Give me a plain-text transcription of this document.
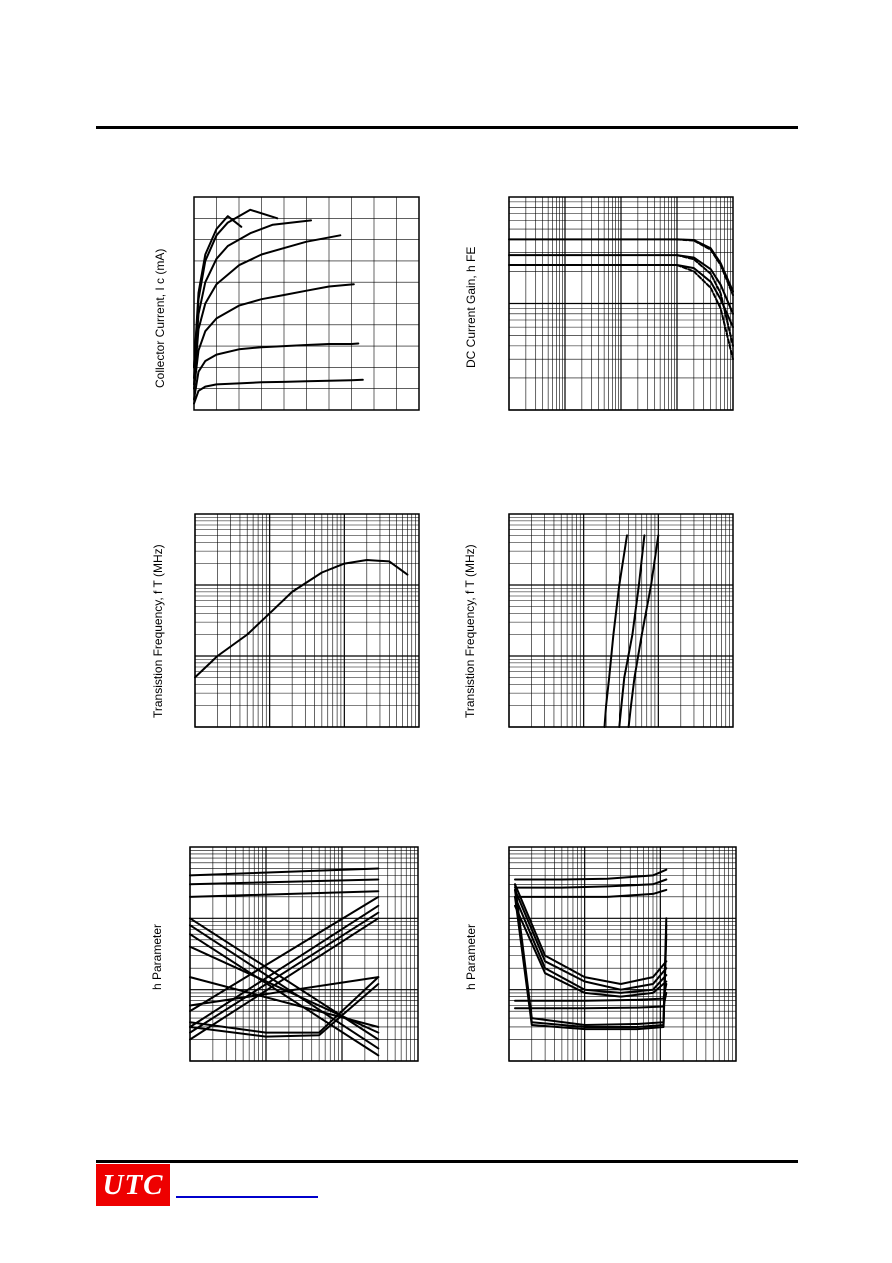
Collector Current, I c (mA)	DC Current Gain, h FE
Transistion Frequency, f T (MHz)	Transistion Frequency, f T (MHz)
h Parameter	h Parameter
UTC
